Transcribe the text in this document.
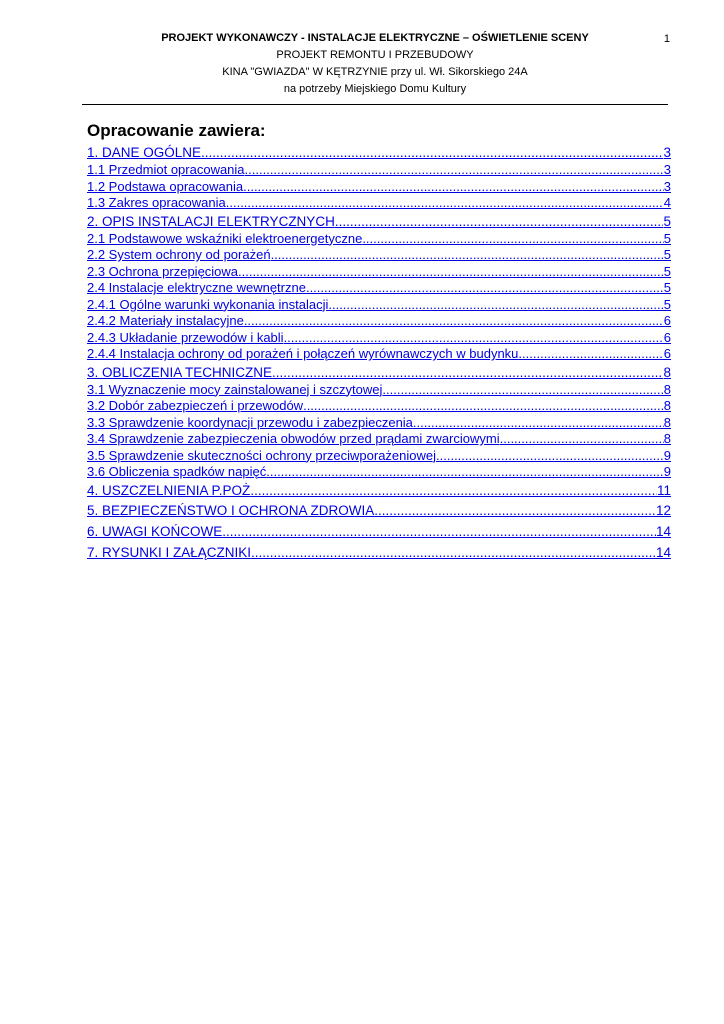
PROJEKT WYKONAWCZY - INSTALACJE ELEKTRYCZNE – OŚWIETLENIE SCENY
PROJEKT REMONTU I PRZEBUDOWY
KINA "GWIAZDA" W KĘTRZYNIE przy ul. Wł. Sikorskiego 24A
na potrzeby Miejskiego Domu Kultury
1
Opracowanie zawiera:
1. DANE OGÓLNE .....	3
1.1 Przedmiot opracowania .....	3
1.2 Podstawa opracowania .....	3
1.3 Zakres opracowania .....	4
2. OPIS INSTALACJI ELEKTRYCZNYCH .....	5
2.1 Podstawowe wskaźniki elektroenergetyczne .....	5
2.2 System ochrony od porażeń .....	5
2.3 Ochrona przepięciowa .....	5
2.4 Instalacje elektryczne wewnętrzne .....	5
2.4.1 Ogólne warunki wykonania instalacji .....	5
2.4.2 Materiały instalacyjne .....	6
2.4.3 Układanie przewodów i kabli .....	6
2.4.4 Instalacja ochrony od porażeń i połączeń wyrównawczych w budynku .....	6
3. OBLICZENIA TECHNICZNE .....	8
3.1 Wyznaczenie mocy zainstalowanej i szczytowej .....	8
3.2 Dobór zabezpieczeń i przewodów .....	8
3.3 Sprawdzenie koordynacji przewodu i zabezpieczenia .....	8
3.4 Sprawdzenie zabezpieczenia obwodów przed prądami zwarciowymi .....	8
3.5 Sprawdzenie skuteczności ochrony przeciwporażeniowej .....	9
3.6 Obliczenia spadków napięć .....	9
4. USZCZELNIENIA P.POŻ .....	11
5. BEZPIECZEŃSTWO I OCHRONA ZDROWIA .....	12
6. UWAGI KOŃCOWE .....	14
7. RYSUNKI I ZAŁĄCZNIKI .....	14
